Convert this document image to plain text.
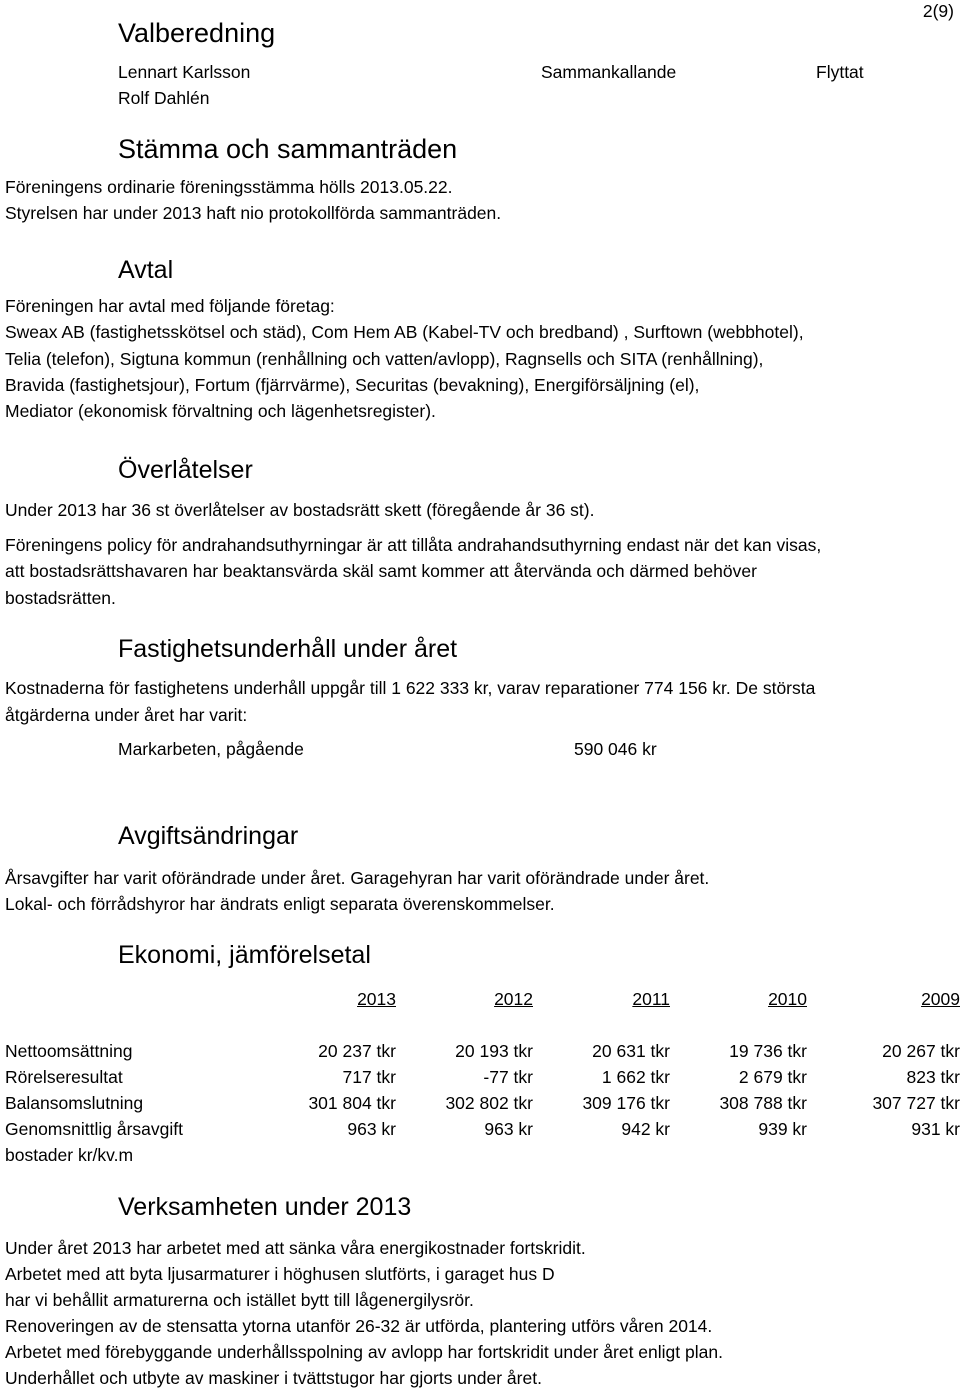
2(9)
Valberedning
Lennart Karlsson	Sammankallande	Flyttat
Rolf Dahlén
Stämma och sammanträden
Föreningens ordinarie föreningsstämma hölls 2013.05.22.
Styrelsen har under 2013 haft nio protokollförda sammanträden.
Avtal
Föreningen har avtal med följande företag:
Sweax AB (fastighetsskötsel och städ), Com Hem AB (Kabel-TV och bredband) , Surftown (webbhotel),
Telia (telefon), Sigtuna kommun (renhållning och vatten/avlopp), Ragnsells och SITA (renhållning),
Bravida (fastighetsjour), Fortum (fjärrvärme), Securitas (bevakning), Energiförsäljning (el),
Mediator (ekonomisk förvaltning och lägenhetsregister).
Överlåtelser
Under 2013 har 36 st överlåtelser av bostadsrätt skett (föregående år 36 st).
Föreningens policy för andrahandsuthyrningar är att tillåta andrahandsuthyrning endast när det kan visas,
att bostadsrättshavaren har beaktansvärda skäl samt kommer att återvända och därmed behöver
bostadsrätten.
Fastighetsunderhåll under året
Kostnaderna för fastighetens underhåll uppgår till 1 622 333 kr, varav reparationer 774 156 kr. De största
åtgärderna under året har varit:
Markarbeten, pågående	590 046 kr
Avgiftsändringar
Årsavgifter har varit oförändrade under året. Garagehyran har varit oförändrade under året.
Lokal- och förrådshyror har ändrats enligt separata överenskommelser.
Ekonomi, jämförelsetal
2013	2012	2011	2010	2009
Nettoomsättning	20 237 tkr	20 193 tkr	20 631 tkr	19 736 tkr	20 267 tkr
Rörelseresultat	717 tkr	-77 tkr	1 662 tkr	2 679 tkr	823 tkr
Balansomslutning	301 804 tkr	302 802 tkr	309 176 tkr	308 788 tkr	307 727 tkr
Genomsnittlig årsavgift	963 kr	963 kr	942 kr	939 kr	931 kr
bostader kr/kv.m
Verksamheten under 2013
Under året 2013 har arbetet med att sänka våra energikostnader fortskridit.
Arbetet med att byta ljusarmaturer i höghusen slutförts, i garaget hus D
har vi behållit armaturerna och istället bytt till lågenergilysrör.
Renoveringen av de stensatta ytorna utanför 26-32 är utförda, plantering utförs våren 2014.
Arbetet med förebyggande underhållsspolning av avlopp har fortskridit under året enligt plan.
Underhållet och utbyte av maskiner i tvättstugor har gjorts under året.
